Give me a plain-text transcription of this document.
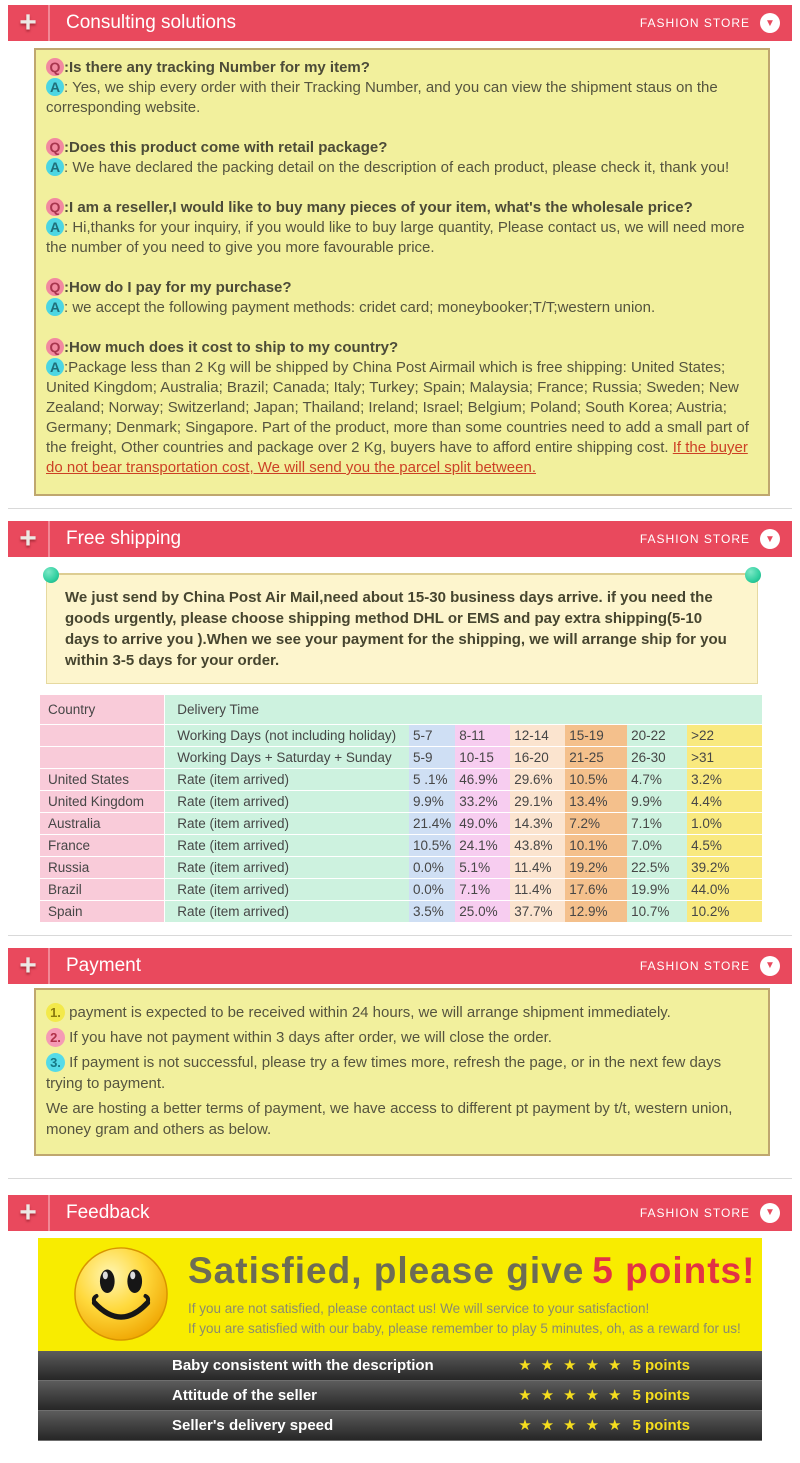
+ Consulting solutions	FASHION STORE ▼

Q :Is there any tracking Number for my item?

A : Yes, we ship every order with their Tracking Number, and you can view the shipment staus on the corresponding website.

Q :Does this product come with retail package?

A : We have declared the packing detail on the description of each product, please check it, thank you!

Q :I am a reseller,I would like to buy many pieces of your item, what's the wholesale price?

A : Hi,thanks for your inquiry, if you would like to buy large quantity, Please contact us, we will need more the number of you need to give you more favourable price.

Q :How do I pay for my purchase?

A : we accept the following payment methods: cridet card; moneybooker;T/T;western union.

Q :How much does it cost to ship to my country?

A :Package less than 2 Kg will be shipped by China Post Airmail which is free shipping: United States; United Kingdom; Australia; Brazil; Canada; Italy; Turkey; Spain; Malaysia; France; Russia; Sweden; New Zealand; Norway; Switzerland; Japan; Thailand; Ireland; Israel; Belgium; Poland; South Korea; Austria; Germany; Denmark; Singapore. Part of the product, more than some countries need to add a small part of the freight, Other countries and package over 2 Kg, buyers have to afford entire shipping cost. If the buyer do not bear transportation cost, We will send you the parcel split between.

+ Free shipping	FASHION STORE ▼
We just send by China Post Air Mail,need about 15-30 business days arrive. if you need the goods urgently, please choose shipping method DHL or EMS and pay extra shipping(5-10 days to arrive you ).When we see your payment for the shipping, we will arrange ship for you within 3-5 days for your order.
Country	Delivery Time						
	Working Days (not including holiday)	5-7	8-11	12-14	15-19	20-22	>22
	Working Days + Saturday + Sunday	5-9	10-15	16-20	21-25	26-30	>31
United States	Rate (item arrived)	5 .1%	46.9%	29.6%	10.5%	4.7%	3.2%
United Kingdom	Rate (item arrived)	9.9%	33.2%	29.1%	13.4%	9.9%	4.4%
Australia	Rate (item arrived)	21.4%	49.0%	14.3%	7.2%	7.1%	1.0%
France	Rate (item arrived)	10.5%	24.1%	43.8%	10.1%	7.0%	4.5%
Russia	Rate (item arrived)	0.0%	5.1%	11.4%	19.2%	22.5%	39.2%
Brazil	Rate (item arrived)	0.0%	7.1%	11.4%	17.6%	19.9%	44.0%
Spain	Rate (item arrived)	3.5%	25.0%	37.7%	12.9%	10.7%	10.2%
+ Payment	FASHION STORE ▼

1. payment is expected to be received within 24 hours, we will arrange shipment immediately.

2. If you have not payment within 3 days after order, we will close the order.

3. If payment is not successful, please try a few times more, refresh the page, or in the next few days trying to payment.

We are hosting a better terms of payment, we have access to different pt payment by t/t, western union, money gram and others as below.

+ Feedback	FASHION STORE ▼
Satisfied, please give 5 points!
If you are not satisfied, please contact us! We will service to your satisfaction!
If you are satisfied with our baby, please remember to play 5 minutes, oh, as a reward for us!
Baby consistent with the description	★ ★ ★ ★ ★ 5 points
Attitude of the seller	★ ★ ★ ★ ★ 5 points
Seller's delivery speed	★ ★ ★ ★ ★ 5 points
